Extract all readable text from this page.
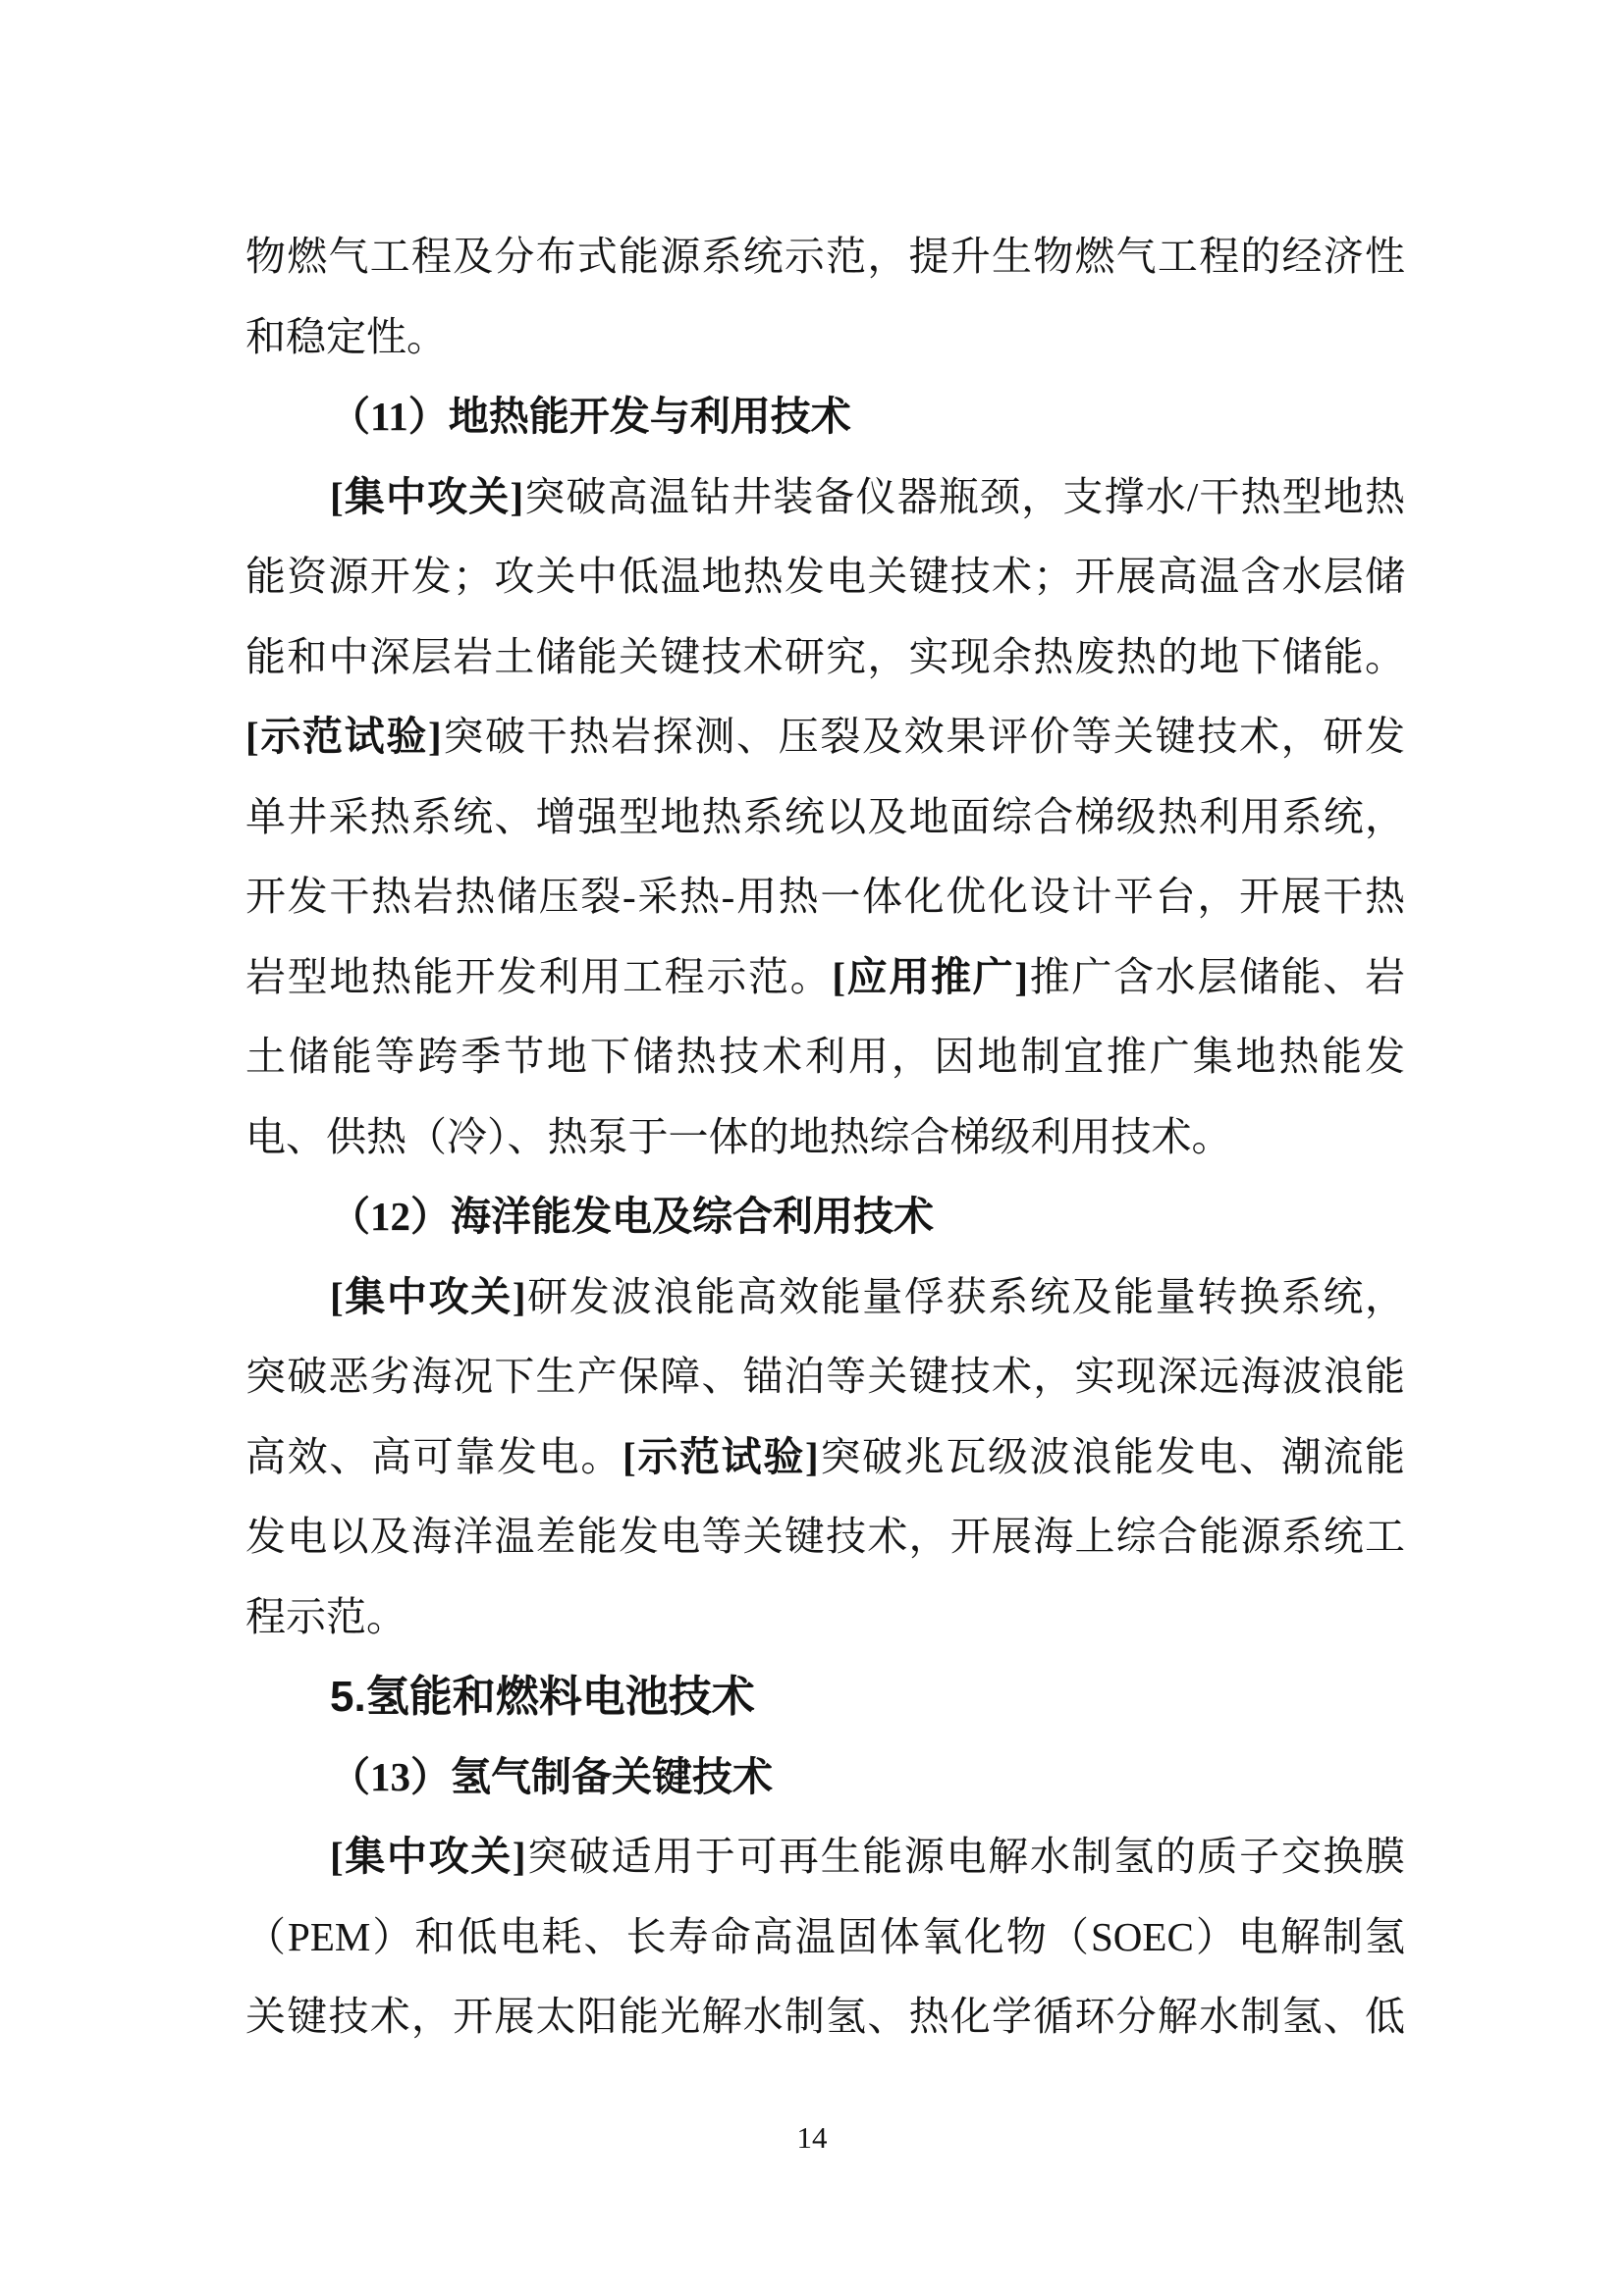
物燃气工程及分布式能源系统示范，提升生物燃气工程的经济性
和稳定性。
（11）地热能开发与利用技术
[集中攻关]突破高温钻井装备仪器瓶颈，支撑水/干热型地热
能资源开发；攻关中低温地热发电关键技术；开展高温含水层储
能和中深层岩土储能关键技术研究，实现余热废热的地下储能。
[示范试验]突破干热岩探测、压裂及效果评价等关键技术，研发
单井采热系统、增强型地热系统以及地面综合梯级热利用系统，
开发干热岩热储压裂-采热-用热一体化优化设计平台，开展干热
岩型地热能开发利用工程示范。[应用推广]推广含水层储能、岩
土储能等跨季节地下储热技术利用，因地制宜推广集地热能发
电、供热（冷）、热泵于一体的地热综合梯级利用技术。
（12）海洋能发电及综合利用技术
[集中攻关]研发波浪能高效能量俘获系统及能量转换系统，
突破恶劣海况下生产保障、锚泊等关键技术，实现深远海波浪能
高效、高可靠发电。[示范试验]突破兆瓦级波浪能发电、潮流能
发电以及海洋温差能发电等关键技术，开展海上综合能源系统工
程示范。
5.氢能和燃料电池技术
（13）氢气制备关键技术
[集中攻关]突破适用于可再生能源电解水制氢的质子交换膜
（PEM）和低电耗、长寿命高温固体氧化物（SOEC）电解制氢
关键技术，开展太阳能光解水制氢、热化学循环分解水制氢、低
14
